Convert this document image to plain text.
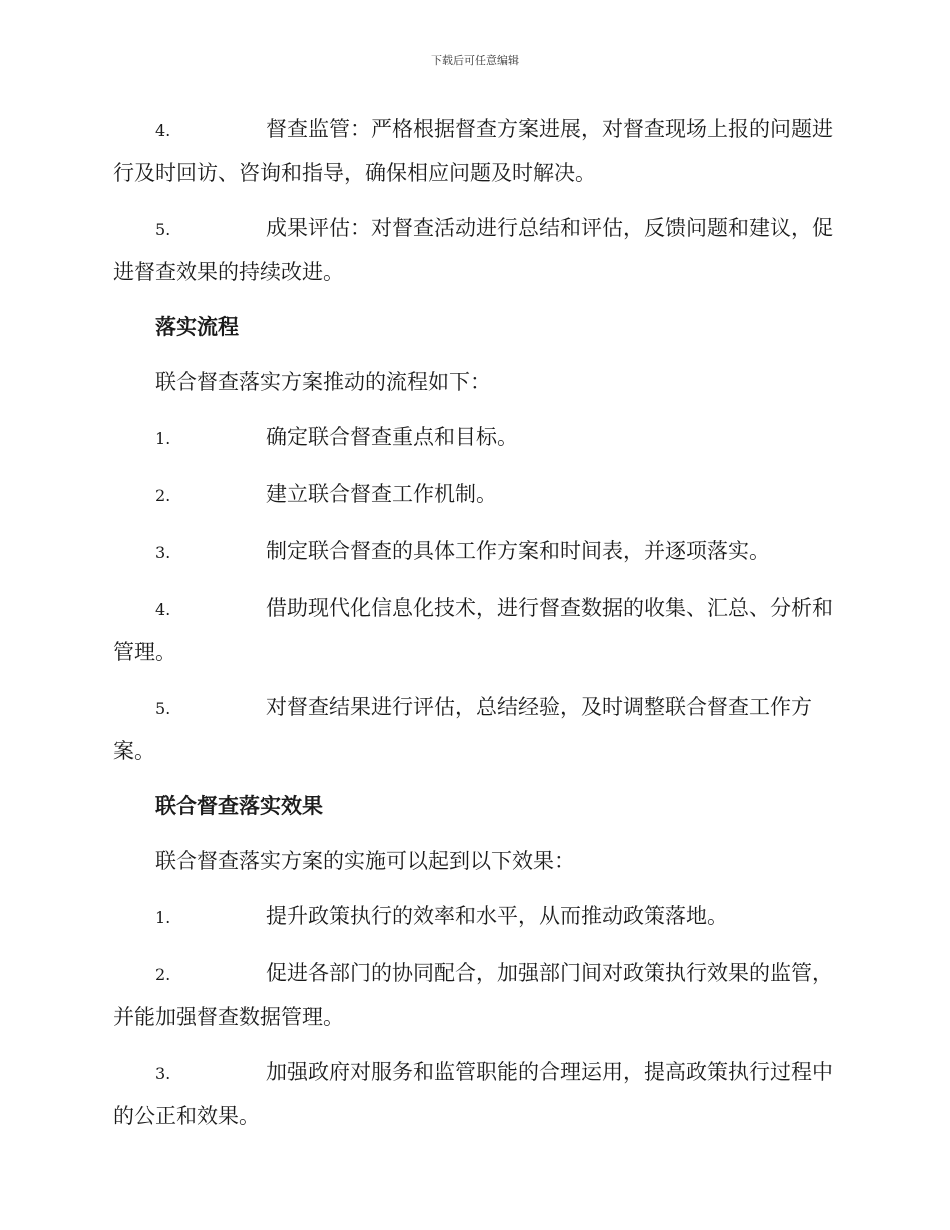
下载后可任意编辑

4.	督查监管：严格根据督查方案进展，对督查现场上报的问题进行及时回访、咨询和指导，确保相应问题及时解决。

5.	成果评估：对督查活动进行总结和评估，反馈问题和建议，促进督查效果的持续改进。

落实流程

联合督查落实方案推动的流程如下：

1.	确定联合督查重点和目标。

2.	建立联合督查工作机制。

3.	制定联合督查的具体工作方案和时间表，并逐项落实。

4.	借助现代化信息化技术，进行督查数据的收集、汇总、分析和管理。

5.	对督查结果进行评估，总结经验，及时调整联合督查工作方案。

联合督查落实效果

联合督查落实方案的实施可以起到以下效果：

1.	提升政策执行的效率和水平，从而推动政策落地。

2.	促进各部门的协同配合，加强部门间对政策执行效果的监管，并能加强督查数据管理。

3.	加强政府对服务和监管职能的合理运用，提高政策执行过程中的公正和效果。
